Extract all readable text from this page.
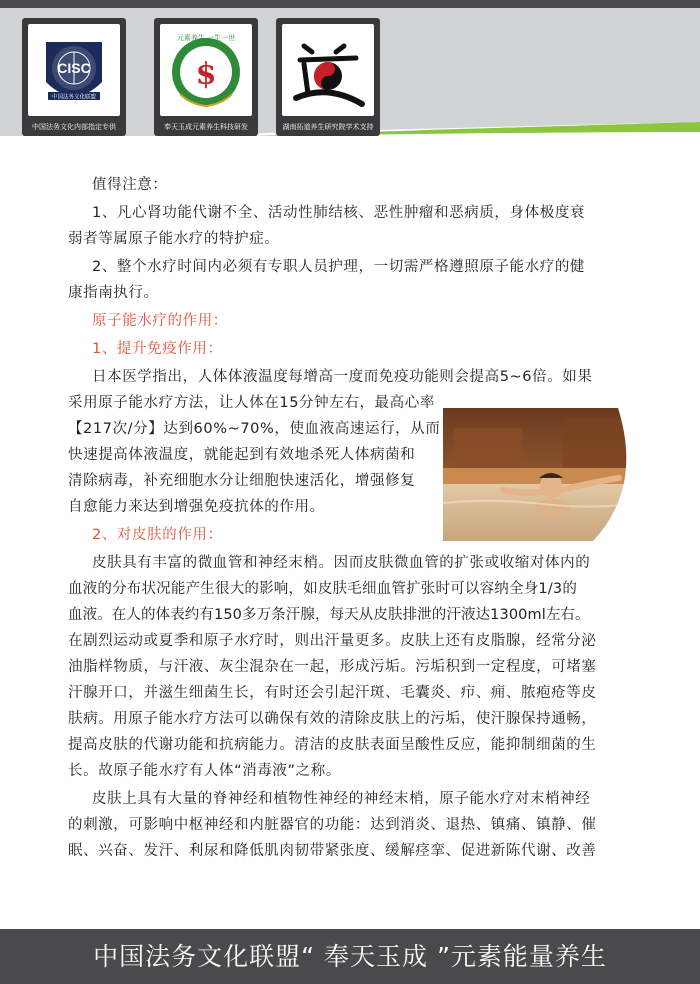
CISC
中国法务文化联盟
中国法务文化内部指定专供
元素养生 一生一世
$
奉天玉成元素养生科技研发	湖南拓道养生研究院学术支持

值得注意：

1、凡心肾功能代谢不全、活动性肺结核、恶性肿瘤和恶病质，身体极度衰

弱者等属原子能水疗的特护症。

2、整个水疗时间内必须有专职人员护理，一切需严格遵照原子能水疗的健

康指南执行。

原子能水疗的作用：

1、提升免疫作用：

日本医学指出，人体体液温度每增高一度而免疫功能则会提高5~6倍。如果

采用原子能水疗方法，让人体在15分钟左右，最高心率

【217次/分】达到60%~70%，使血液高速运行，从而

快速提高体液温度，就能起到有效地杀死人体病菌和

清除病毒，补充细胞水分让细胞快速活化，增强修复

自愈能力来达到增强免疫抗体的作用。

2、对皮肤的作用：

皮肤具有丰富的微血管和神经末梢。因而皮肤微血管的扩张或收缩对体内的

血液的分布状况能产生很大的影响，如皮肤毛细血管扩张时可以容纳全身1/3的

血液。在人的体表约有150多万条汗腺，每天从皮肤排泄的汗液达1300ml左右。

在剧烈运动或夏季和原子水疗时，则出汗量更多。皮肤上还有皮脂腺，经常分泌

油脂样物质，与汗液、灰尘混杂在一起，形成污垢。污垢积到一定程度，可堵塞

汗腺开口，并滋生细菌生长，有时还会引起汗斑、毛囊炎、疖、痈、脓疱疮等皮

肤病。用原子能水疗方法可以确保有效的清除皮肤上的污垢，使汗腺保持通畅，

提高皮肤的代谢功能和抗病能力。清洁的皮肤表面呈酸性反应，能抑制细菌的生

长。故原子能水疗有人体“消毒液”之称。

皮肤上具有大量的脊神经和植物性神经的神经末梢，原子能水疗对末梢神经

的刺激，可影响中枢神经和内脏器官的功能：达到消炎、退热、镇痛、镇静、催

眠、兴奋、发汗、利尿和降低肌肉韧带紧张度、缓解痉挛、促进新陈代谢、改善

中国法务文化联盟“ 奉天玉成 ”元素能量养生
